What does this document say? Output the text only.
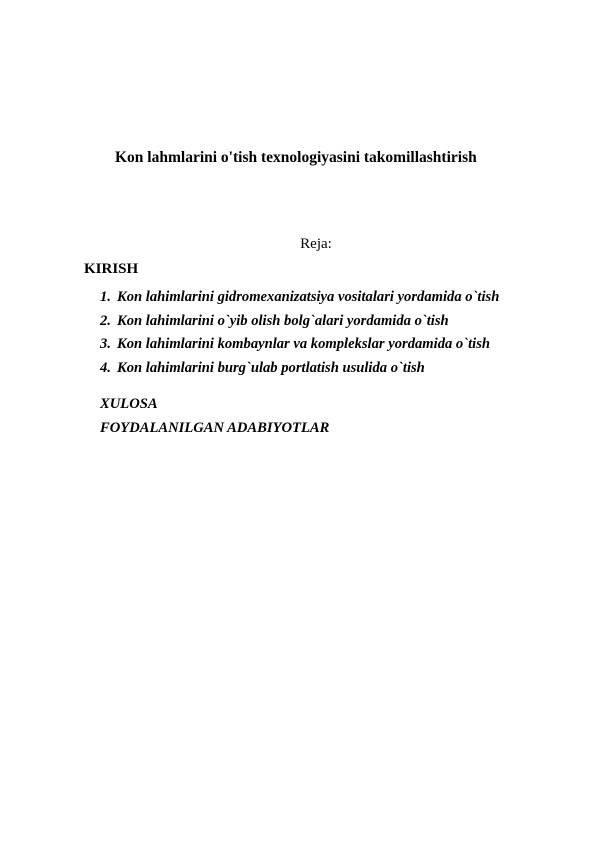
Kon lahmlarini o'tish texnologiyasini takomillashtirish
Reja:
KIRISH
1. Kon lahimlarini gidromexanizatsiya vositalari yordamida o`tish
2. Kon lahimlarini o`yib olish bolg`alari yordamida o`tish
3. Kon lahimlarini kombaynlar va komplekslar yordamida o`tish
4. Kon lahimlarini burg`ulab portlatish usulida o`tish
XULOSA
FOYDALANILGAN ADABIYOTLAR
